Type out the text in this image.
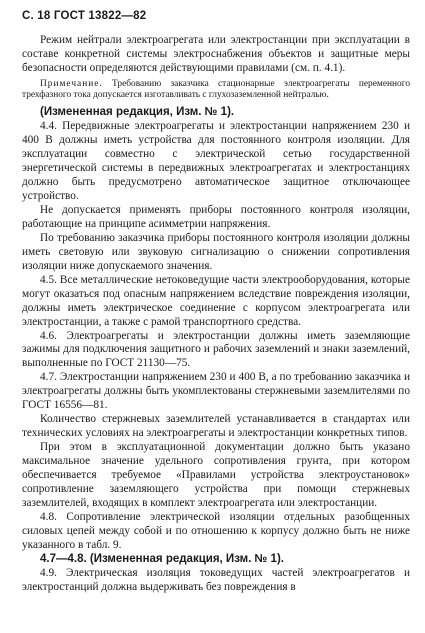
С. 18 ГОСТ 13822—82

Режим нейтрали электроагрегата или электростанции при эксплуатации в составе конкретной системы электроснабжения объектов и защитные меры безопасности определяются действующими правилами (см. п. 4.1).

Примечание. Требованию заказчика стационарные электроагрегаты переменного трехфазного тока допускается изготавливать с глухозаземленной нейтралью.

(Измененная редакция, Изм. № 1).

4.4. Передвижные электроагрегаты и электростанции напряжением 230 и 400 В должны иметь устройства для постоянного контроля изоляции. Для эксплуатации совместно с электрической сетью государственной энергетической системы в передвижных электроагрегатах и электростанциях должно быть предусмотрено автоматическое защитное отключающее устройство.

Не допускается применять приборы постоянного контроля изоляции, работающие на принципе асимметрии напряжения.

По требованию заказчика приборы постоянного контроля изоляции должны иметь световую или звуковую сигнализацию о снижении сопротивления изоляции ниже допускаемого значения.

4.5. Все металлические нетоковедущие части электрооборудования, которые могут оказаться под опасным напряжением вследствие повреждения изоляции, должны иметь электрическое соединение с корпусом электроагрегата или электростанции, а также с рамой транспортного средства.

4.6. Электроагрегаты и электростанции должны иметь заземляющие зажимы для подключения защитного и рабочих заземлений и знаки заземлений, выполненные по ГОСТ 21130—75.

4.7. Электростанции напряжением 230 и 400 В, а по требованию заказчика и электроагрегаты должны быть укомплектованы стержневыми заземлителями по ГОСТ 16556—81.

Количество стержневых заземлителей устанавливается в стандартах или технических условиях на электроагрегаты и электростанции конкретных типов.

При этом в эксплуатационной документации должно быть указано максимальное значение удельного сопротивления грунта, при котором обеспечивается требуемое «Правилами устройства электроустановок» сопротивление заземляющего устройства при помощи стержневых заземлителей, входящих в комплект электроагрегата или электростанции.

4.8. Сопротивление электрической изоляции отдельных разобщенных силовых цепей между собой и по отношению к корпусу должно быть не ниже указанного в табл. 9.

4.7—4.8. (Измененная редакция, Изм. № 1).

4.9. Электрическая изоляция токоведущих частей электроагрегатов и электростанций должна выдерживать без повреждения в
